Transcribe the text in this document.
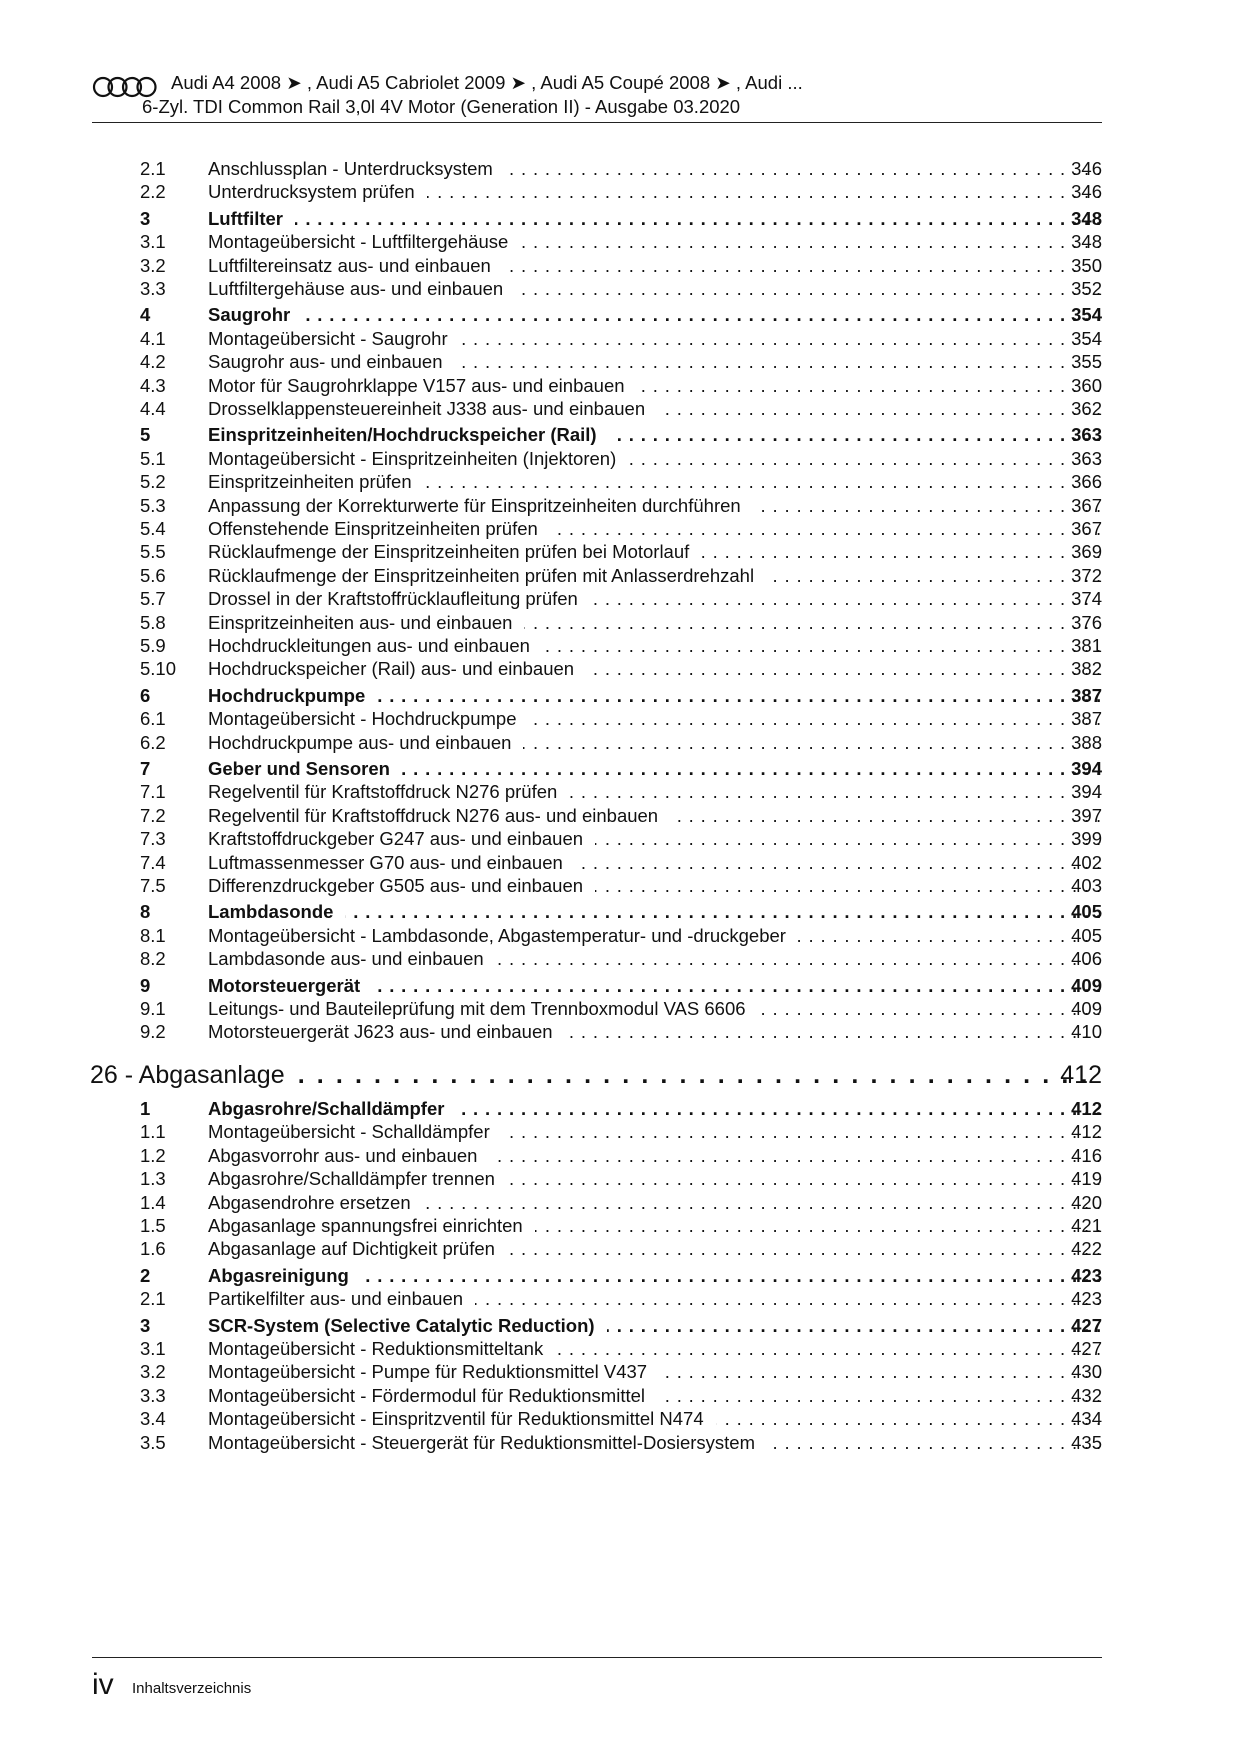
Audi A4 2008 ➤ , Audi A5 Cabriolet 2009 ➤ , Audi A5 Coupé 2008 ➤ , Audi ...
6-Zyl. TDI Common Rail 3,0l 4V Motor (Generation II) - Ausgabe 03.2020
2.1 Anschlussplan - Unterdrucksystem . . .	346
2.2 Unterdrucksystem prüfen . . .	346
3	Luftfilter . . .	348
3.1 Montageübersicht - Luftfiltergehäuse . . .	348
3.2 Luftfiltereinsatz aus- und einbauen . . .	350
3.3 Luftfiltergehäuse aus- und einbauen . . .	352
4	Saugrohr . . .	354
4.1 Montageübersicht - Saugrohr . . .	354
4.2 Saugrohr aus- und einbauen . . .	355
4.3 Motor für Saugrohrklappe V157 aus- und einbauen . . .	360
4.4 Drosselklappensteuereinheit J338 aus- und einbauen . . .	362
5	Einspritzeinheiten/Hochdruckspeicher (Rail) . . .	363
5.1 Montageübersicht - Einspritzeinheiten (Injektoren) . . .	363
5.2 Einspritzeinheiten prüfen . . .	366
5.3 Anpassung der Korrekturwerte für Einspritzeinheiten durchführen . . .	367
5.4 Offenstehende Einspritzeinheiten prüfen . . .	367
5.5 Rücklaufmenge der Einspritzeinheiten prüfen bei Motorlauf . . .	369
5.6 Rücklaufmenge der Einspritzeinheiten prüfen mit Anlasserdrehzahl . . .	372
5.7 Drossel in der Kraftstoffrücklaufleitung prüfen . . .	374
5.8 Einspritzeinheiten aus- und einbauen . . .	376
5.9 Hochdruckleitungen aus- und einbauen . . .	381
5.10 Hochdruckspeicher (Rail) aus- und einbauen . . .	382
6	Hochdruckpumpe . . .	387
6.1 Montageübersicht - Hochdruckpumpe . . .	387
6.2 Hochdruckpumpe aus- und einbauen . . .	388
7	Geber und Sensoren . . .	394
7.1 Regelventil für Kraftstoffdruck N276 prüfen . . .	394
7.2 Regelventil für Kraftstoffdruck N276 aus- und einbauen . . .	397
7.3 Kraftstoffdruckgeber G247 aus- und einbauen . . .	399
7.4 Luftmassenmesser G70 aus- und einbauen . . .	402
7.5 Differenzdruckgeber G505 aus- und einbauen . . .	403
8	Lambdasonde . . .	405
8.1 Montageübersicht - Lambdasonde, Abgastemperatur- und -druckgeber . . .	405
8.2 Lambdasonde aus- und einbauen . . .	406
9	Motorsteuergerät . . .	409
9.1 Leitungs- und Bauteileprüfung mit dem Trennboxmodul VAS 6606 . . .	409
9.2 Motorsteuergerät J623 aus- und einbauen . . .	410
26 - Abgasanlage . . .	412
1	Abgasrohre/Schalldämpfer . . .	412
1.1 Montageübersicht - Schalldämpfer . . .	412
1.2 Abgasvorrohr aus- und einbauen . . .	416
1.3 Abgasrohre/Schalldämpfer trennen . . .	419
1.4 Abgasendrohre ersetzen . . .	420
1.5 Abgasanlage spannungsfrei einrichten . . .	421
1.6 Abgasanlage auf Dichtigkeit prüfen . . .	422
2	Abgasreinigung . . .	423
2.1 Partikelfilter aus- und einbauen . . .	423
3	SCR-System (Selective Catalytic Reduction) . . .	427
3.1 Montageübersicht - Reduktionsmitteltank . . .	427
3.2 Montageübersicht - Pumpe für Reduktionsmittel V437 . . .	430
3.3 Montageübersicht - Fördermodul für Reduktionsmittel . . .	432
3.4 Montageübersicht - Einspritzventil für Reduktionsmittel N474 . . .	434
3.5 Montageübersicht - Steuergerät für Reduktionsmittel-Dosiersystem . . .	435
iv Inhaltsverzeichnis
